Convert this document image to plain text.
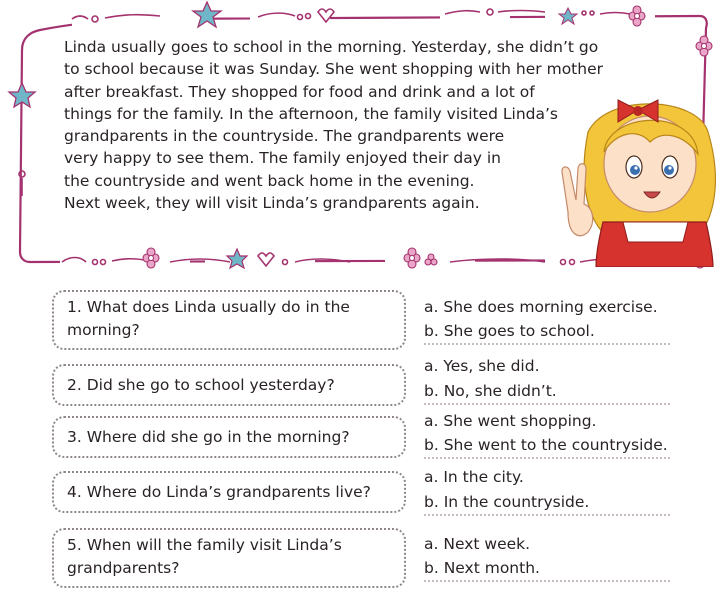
Linda usually goes to school in the morning. Yesterday, she didn’t go
to school because it was Sunday. She went shopping with her mother
after breakfast. They shopped for food and drink and a lot of
things for the family. In the afternoon, the family visited Linda’s
grandparents in the countryside. The grandparents were
very happy to see them. The family enjoyed their day in
the countryside and went back home in the evening.
Next week, they will visit Linda’s grandparents again.
1. What does Linda usually do in the
morning?
a. She does morning exercise.
b. She goes to school.
2. Did she go to school yesterday?
a. Yes, she did.
b. No, she didn’t.
3. Where did she go in the morning?
a. She went shopping.
b. She went to the countryside.
4. Where do Linda’s grandparents live?
a. In the city.
b. In the countryside.
5. When will the family visit Linda’s
grandparents?
a. Next week.
b. Next month.
